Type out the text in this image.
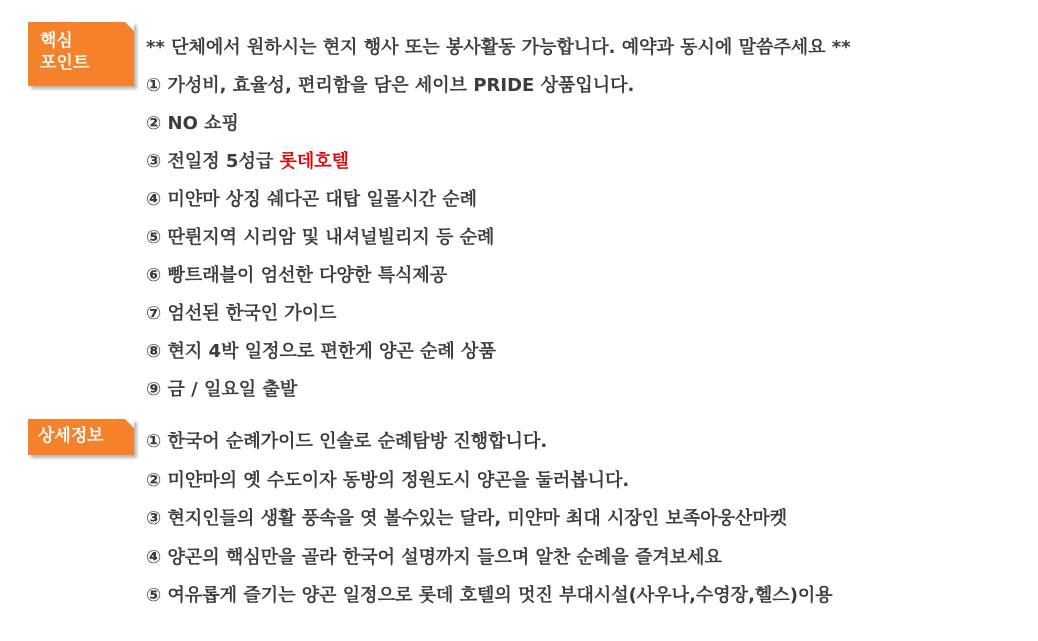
핵심
포인트
** 단체에서 원하시는 현지 행사 또는 봉사활동 가능합니다. 예약과 동시에 말씀주세요 **
① 가성비, 효율성, 편리함을 담은 세이브 PRIDE 상품입니다.
② NO 쇼핑
③ 전일정 5성급 롯데호텔
④ 미얀마 상징 쉐다곤 대탑 일몰시간 순례
⑤ 딴륀지역 시리암 및 내셔널빌리지 등 순례
⑥ 빵트래블이 엄선한 다양한 특식제공
⑦ 엄선된 한국인 가이드
⑧ 현지 4박 일정으로 편한게 양곤 순례 상품
⑨ 금 / 일요일 출발
상세정보	① 한국어 순례가이드 인솔로 순례탐방 진행합니다.
② 미얀마의 옛 수도이자 동방의 정원도시 양곤을 둘러봅니다.
③ 현지인들의 생활 풍속을 엿 볼수있는 달라, 미얀마 최대 시장인 보족아웅산마켓
④ 양곤의 핵심만을 골라 한국어 설명까지 들으며 알찬 순례을 즐겨보세요
⑤ 여유롭게 즐기는 양곤 일정으로 롯데 호텔의 멋진 부대시설(사우나,수영장,헬스)이용
